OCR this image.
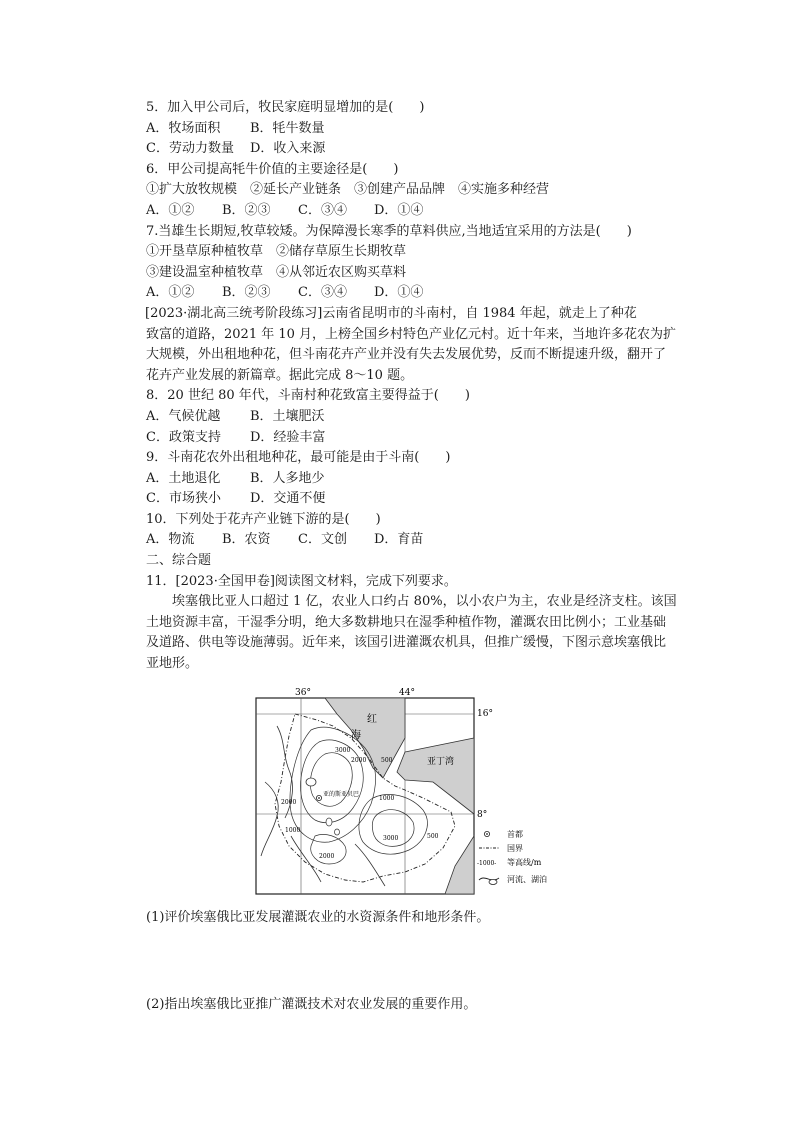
5．加入甲公司后，牧民家庭明显增加的是(　　)
A．牧场面积 B．牦牛数量
C．劳动力数量 D．收入来源
6．甲公司提高牦牛价值的主要途径是(　　)
①扩大放牧规模　②延长产业链条　③创建产品品牌　④实施多种经营
A．①② B．②③ C．③④ D．①④
7.当雄生长期短,牧草较矮。为保障漫长寒季的草料供应,当地适宜采用的方法是(　　)
①开垦草原种植牧草　②储存草原生长期牧草
③建设温室种植牧草　④从邻近农区购买草料
A．①② B．②③ C．③④ D．①④
[2023·湖北高三统考阶段练习]云南省昆明市的斗南村，自 1984 年起，就走上了种花
致富的道路，2021 年 10 月，上榜全国乡村特色产业亿元村。近十年来，当地许多花农为扩
大规模，外出租地种花，但斗南花卉产业并没有失去发展优势，反而不断提速升级，翻开了
花卉产业发展的新篇章。据此完成 8～10 题。
8．20 世纪 80 年代，斗南村种花致富主要得益于(　　)
A．气候优越 B．土壤肥沃
C．政策支持 D．经验丰富
9．斗南花农外出租地种花，最可能是由于斗南(　　)
A．土地退化 B．人多地少
C．市场狭小 D．交通不便
10．下列处于花卉产业链下游的是(　　)
A．物流 B．农资 C．文创 D．育苗
二、综合题
11．[2023·全国甲卷]阅读图文材料，完成下列要求。
埃塞俄比亚人口超过 1 亿，农业人口约占 80%，以小农户为主，农业是经济支柱。该国
土地资源丰富，干湿季分明，绝大多数耕地只在湿季种植作物，灌溉农田比例小；工业基础
及道路、供电等设施薄弱。近年来，该国引进灌溉农机具，但推广缓慢，下图示意埃塞俄比
亚地形。
36°	44°
16°
8°
红
海
亚丁湾
亚的斯亚贝巴
3000
2000 500
1000
2000
1000
3000
2000
500	首都
国界
-1000- 等高线/m
河流、湖泊
(1)评价埃塞俄比亚发展灌溉农业的水资源条件和地形条件。
(2)指出埃塞俄比亚推广灌溉技术对农业发展的重要作用。
